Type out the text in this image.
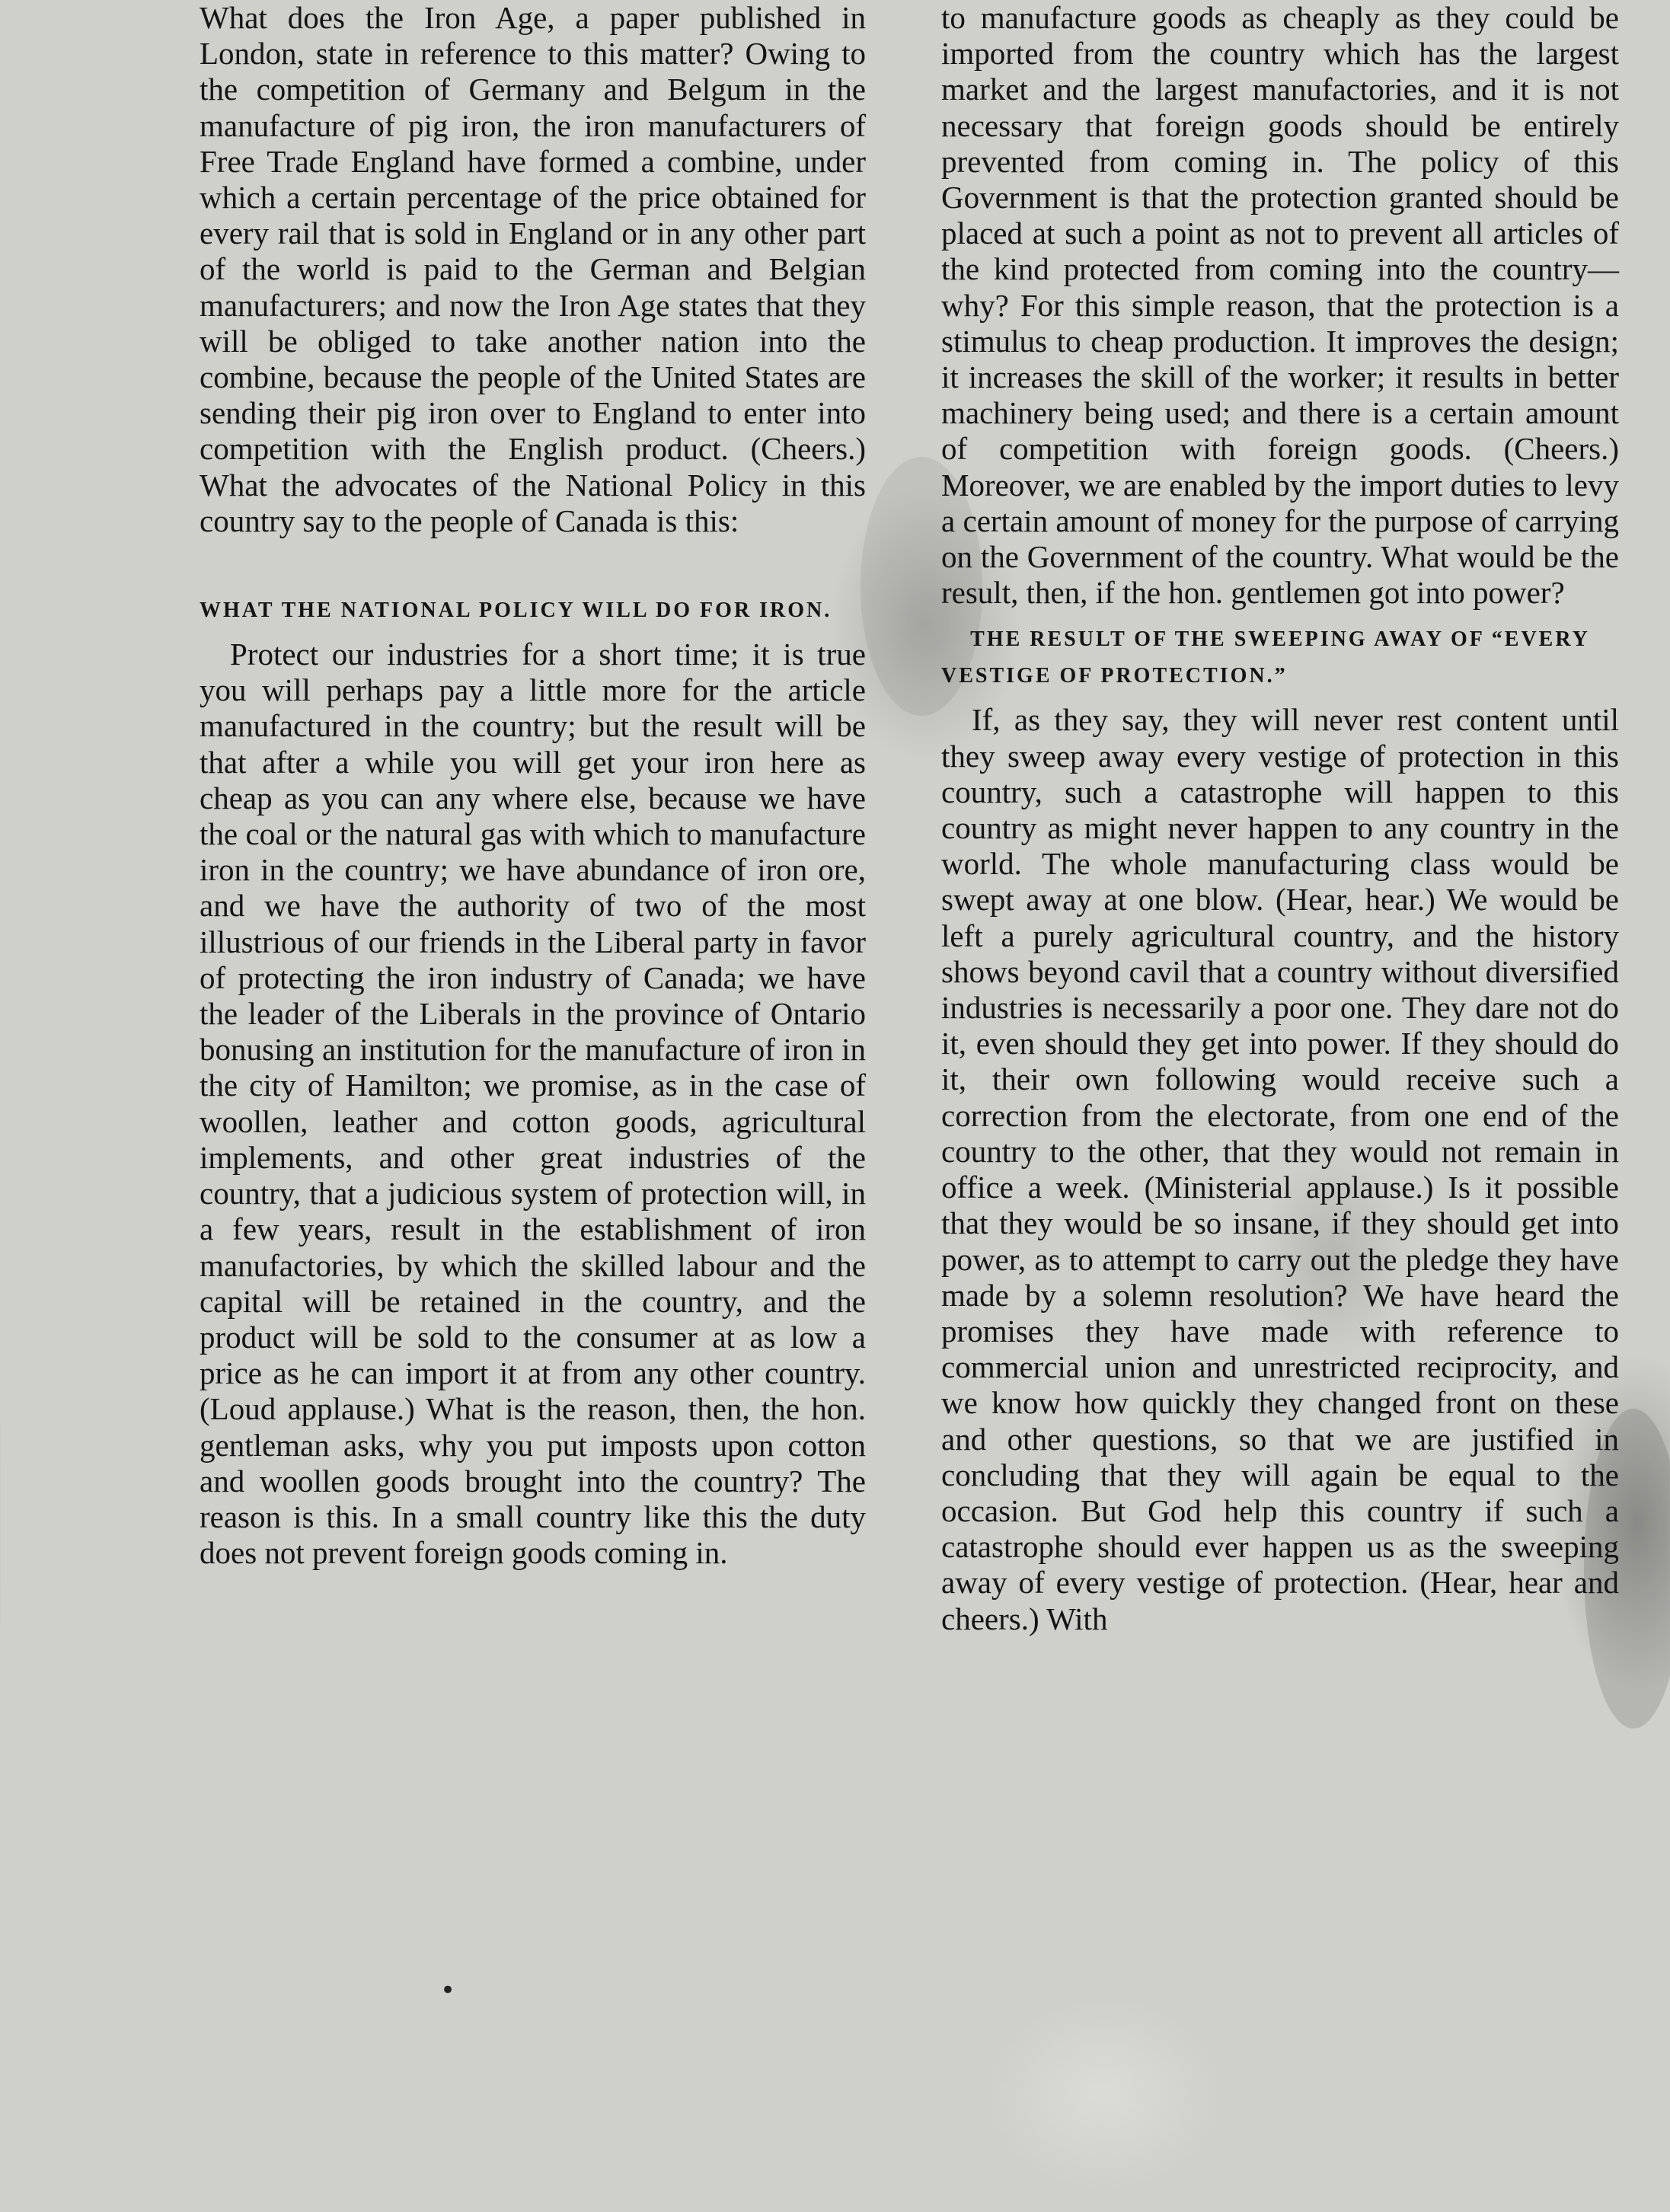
What does the Iron Age, a paper published in London, state in reference to this matter? Owing to the competition of Germany and Belgum in the manufacture of pig iron, the iron manufacturers of Free Trade England have formed a combine, under which a certain percentage of the price obtained for every rail that is sold in England or in any other part of the world is paid to the German and Belgian manufacturers; and now the Iron Age states that they will be obliged to take another nation into the combine, because the people of the United States are sending their pig iron over to England to enter into competition with the English product. (Cheers.) What the advocates of the National Policy in this country say to the people of Canada is this:

WHAT THE NATIONAL POLICY WILL DO FOR IRON.

Protect our industries for a short time; it is true you will perhaps pay a little more for the article manufactured in the country; but the result will be that after a while you will get your iron here as cheap as you can any where else, because we have the coal or the natural gas with which to manufacture iron in the country; we have abundance of iron ore, and we have the authority of two of the most illustrious of our friends in the Liberal party in favor of protecting the iron industry of Canada; we have the leader of the Liberals in the province of Ontario bonusing an institution for the manufacture of iron in the city of Hamilton; we promise, as in the case of woollen, leather and cotton goods, agricultural implements, and other great industries of the country, that a judicious system of protection will, in a few years, result in the establishment of iron manufactories, by which the skilled labour and the capital will be retained in the country, and the product will be sold to the consumer at as low a price as he can import it at from any other country. (Loud applause.) What is the reason, then, the hon. gentleman asks, why you put imposts upon cotton and woollen goods brought into the country? The reason is this. In a small country like this the duty does not prevent foreign goods coming in.

to manufacture goods as cheaply as they could be imported from the country which has the largest market and the largest manufactories, and it is not necessary that foreign goods should be entirely prevented from coming in. The policy of this Government is that the protection granted should be placed at such a point as not to prevent all articles of the kind protected from coming into the country—why? For this simple reason, that the protection is a stimulus to cheap production. It improves the design; it increases the skill of the worker; it results in better machinery being used; and there is a certain amount of competition with foreign goods. (Cheers.) Moreover, we are enabled by the import duties to levy a certain amount of money for the purpose of carrying on the Government of the country. What would be the result, then, if the hon. gentlemen got into power?

THE RESULT OF THE SWEEPING AWAY OF “EVERY VESTIGE OF PROTECTION.”

If, as they say, they will never rest content until they sweep away every vestige of protection in this country, such a catastrophe will happen to this country as might never happen to any country in the world. The whole manufacturing class would be swept away at one blow. (Hear, hear.) We would be left a purely agricultural country, and the history shows beyond cavil that a country without diversified industries is necessarily a poor one. They dare not do it, even should they get into power. If they should do it, their own following would receive such a correction from the electorate, from one end of the country to the other, that they would not remain in office a week. (Ministerial applause.) Is it possible that they would be so insane, if they should get into power, as to attempt to carry out the pledge they have made by a solemn resolution? We have heard the promises they have made with reference to commercial union and unrestricted reciprocity, and we know how quickly they changed front on these and other questions, so that we are justified in concluding that they will again be equal to the occasion. But God help this country if such a catastrophe should ever happen us as the sweeping away of every vestige of protection. (Hear, hear and cheers.) With

•
